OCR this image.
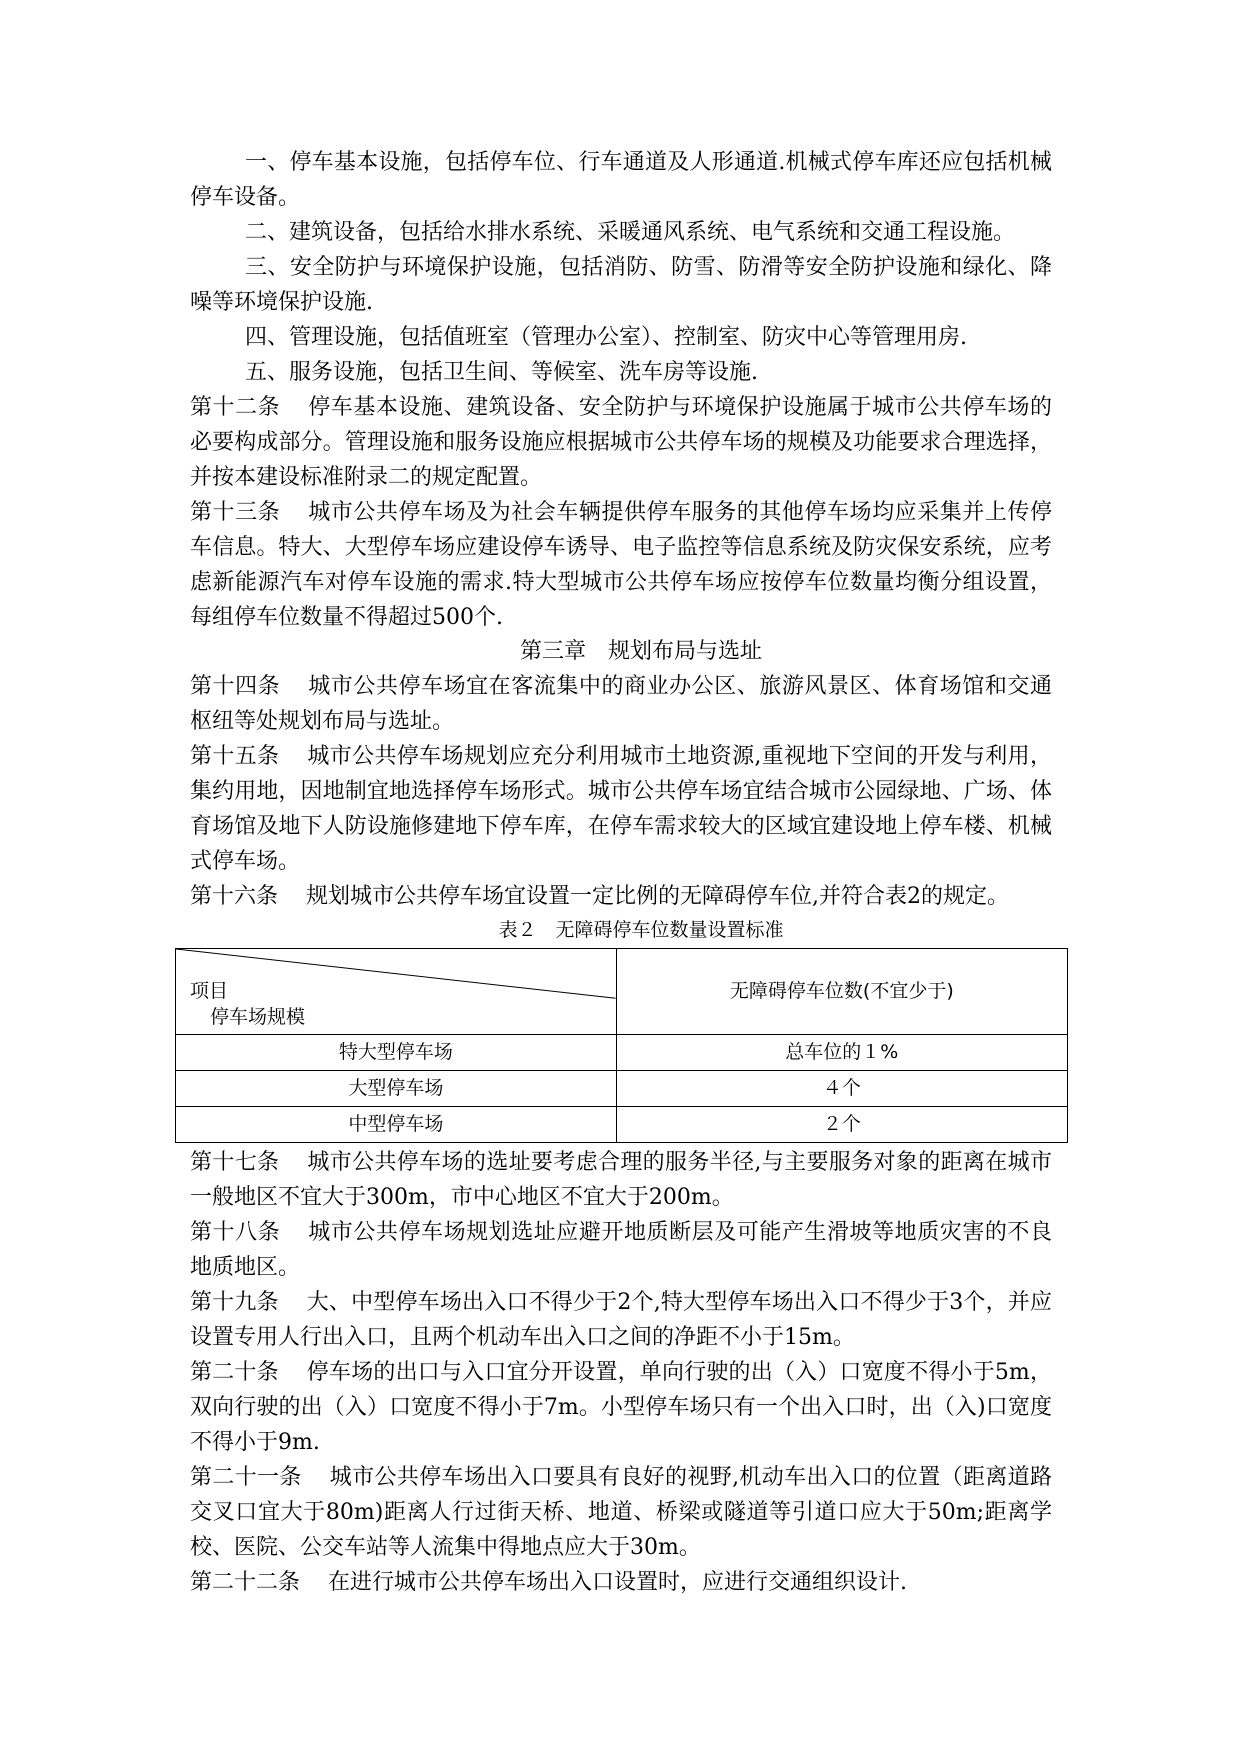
一、停车基本设施，包括停车位、行车通道及人形通道.机械式停车库还应包括机械停车设备。

二、建筑设备，包括给水排水系统、采暖通风系统、电气系统和交通工程设施。

三、安全防护与环境保护设施，包括消防、防雪、防滑等安全防护设施和绿化、降噪等环境保护设施.

四、管理设施，包括值班室（管理办公室）、控制室、防灾中心等管理用房.

五、服务设施，包括卫生间、等候室、洗车房等设施.

第十二条 停车基本设施、建筑设备、安全防护与环境保护设施属于城市公共停车场的必要构成部分。管理设施和服务设施应根据城市公共停车场的规模及功能要求合理选择，并按本建设标准附录二的规定配置。

第十三条 城市公共停车场及为社会车辆提供停车服务的其他停车场均应采集并上传停车信息。特大、大型停车场应建设停车诱导、电子监控等信息系统及防灾保安系统，应考虑新能源汽车对停车设施的需求.特大型城市公共停车场应按停车位数量均衡分组设置，每组停车位数量不得超过500个.

第三章　规划布局与选址

第十四条 城市公共停车场宜在客流集中的商业办公区、旅游风景区、体育场馆和交通枢纽等处规划布局与选址。

第十五条 城市公共停车场规划应充分利用城市土地资源,重视地下空间的开发与利用，集约用地，因地制宜地选择停车场形式。城市公共停车场宜结合城市公园绿地、广场、体育场馆及地下人防设施修建地下停车库，在停车需求较大的区域宜建设地上停车楼、机械式停车场。

第十六条 规划城市公共停车场宜设置一定比例的无障碍停车位,并符合表2的规定。

表２　无障碍停车位数量设置标准

项目
停车场规模	无障碍停车位数(不宜少于)
特大型停车场	总车位的１%
大型停车场	４个
中型停车场	２个

第十七条 城市公共停车场的选址要考虑合理的服务半径,与主要服务对象的距离在城市一般地区不宜大于300m，市中心地区不宜大于200m。

第十八条 城市公共停车场规划选址应避开地质断层及可能产生滑坡等地质灾害的不良地质地区。

第十九条 大、中型停车场出入口不得少于2个,特大型停车场出入口不得少于3个，并应设置专用人行出入口，且两个机动车出入口之间的净距不小于15m。

第二十条 停车场的出口与入口宜分开设置，单向行驶的出（入）口宽度不得小于5m，双向行驶的出（入）口宽度不得小于7m。小型停车场只有一个出入口时，出（入)口宽度不得小于9m.

第二十一条 城市公共停车场出入口要具有良好的视野,机动车出入口的位置（距离道路交叉口宜大于80m)距离人行过街天桥、地道、桥梁或隧道等引道口应大于50m;距离学校、医院、公交车站等人流集中得地点应大于30m。

第二十二条 在进行城市公共停车场出入口设置时，应进行交通组织设计.
